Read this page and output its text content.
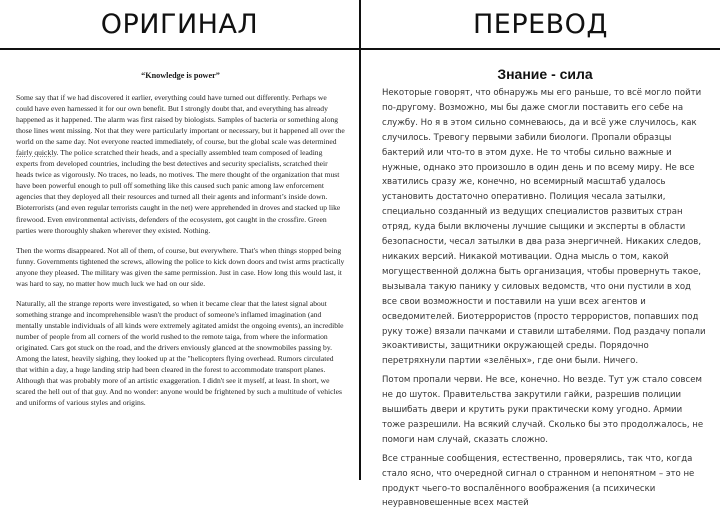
ОРИГИНАЛ	ПЕРЕВОД
“Knowledge is power”

Some say that if we had discovered it earlier, everything could have turned out differently. Perhaps we could have even harnessed it for our own benefit. But I strongly doubt that, and everything has already happened as it happened. The alarm was first raised by biologists. Samples of bacteria or something along those lines went missing. Not that they were particularly important or necessary, but it happened all over the world on the same day. Not everyone reacted immediately, of course, but the global scale was determined fairly quickly. The police scratched their heads, and a specially assembled team composed of leading experts from developed countries, including the best detectives and security specialists, scratched their heads twice as vigorously. No traces, no leads, no motives. The mere thought of the organization that must have been powerful enough to pull off something like this caused such panic among law enforcement agencies that they deployed all their resources and turned all their agents and informant’s inside down. Bioterrorists (and even regular terrorists caught in the net) were apprehended in droves and stacked up like firewood. Even environmental activists, defenders of the ecosystem, got caught in the crossfire. Green parties were thoroughly shaken wherever they existed. Nothing.

Then the worms disappeared. Not all of them, of course, but everywhere. That's when things stopped being funny. Governments tightened the screws, allowing the police to kick down doors and twist arms practically anyone they pleased. The military was given the same permission. Just in case. How long this would last, it was hard to say, no matter how much luck we had on our side.

Naturally, all the strange reports were investigated, so when it became clear that the latest signal about something strange and incomprehensible wasn't the product of someone's inflamed imagination (and mentally unstable individuals of all kinds were extremely agitated amidst the ongoing events), an incredible number of people from all corners of the world rushed to the remote taiga, from where the information originated. Cars got stuck on the road, and the drivers enviously glanced at the snowmobiles passing by. Among the latest, heavily sighing, they looked up at the "helicopters flying overhead. Rumors circulated that within a day, a huge landing strip had been cleared in the forest to accommodate transport planes. Although that was probably more of an artistic exaggeration. I didn't see it myself, at least. In short, we scared the hell out of that guy. And no wonder: anyone would be frightened by such a multitude of vehicles and uniforms of various styles and origins.

Знание - сила

Некоторые говорят, что обнаружь мы его раньше, то всё могло пойти по-другому. Возможно, мы бы даже смогли поставить его себе на службу. Но я в этом сильно сомневаюсь, да и всё уже случилось, как случилось. Тревогу первыми забили биологи. Пропали образцы бактерий или что-то в этом духе. Не то чтобы сильно важные и нужные, однако это произошло в один день и по всему миру. Не все хватились сразу же, конечно, но всемирный масштаб удалось установить достаточно оперативно. Полиция чесала затылки, специально созданный из ведущих специалистов развитых стран отряд, куда были включены лучшие сыщики и эксперты в области безопасности, чесал затылки в два раза энергичней. Никаких следов, никаких версий. Никакой мотивации. Одна мысль о том, какой могущественной должна быть организация, чтобы провернуть такое, вызывала такую панику у силовых ведомств, что они пустили в ход все свои возможности и поставили на уши всех агентов и осведомителей. Биотеррористов (просто террористов, попавших под руку тоже) вязали пачками и ставили штабелями. Под раздачу попали экоактивисты, защитники окружающей среды. Порядочно перетряхнули партии «зелёных», где они были. Ничего.

Потом пропали черви. Не все, конечно. Но везде. Тут уж стало совсем не до шуток. Правительства закрутили гайки, разрешив полиции вышибать двери и крутить руки практически кому угодно. Армии тоже разрешили. На всякий случай. Сколько бы это продолжалось, не помоги нам случай, сказать сложно.

Все странные сообщения, естественно, проверялись, так что, когда стало ясно, что очередной сигнал о странном и непонятном – это не продукт чьего-то воспалённого воображения (а психически неуравновешенные всех мастей
